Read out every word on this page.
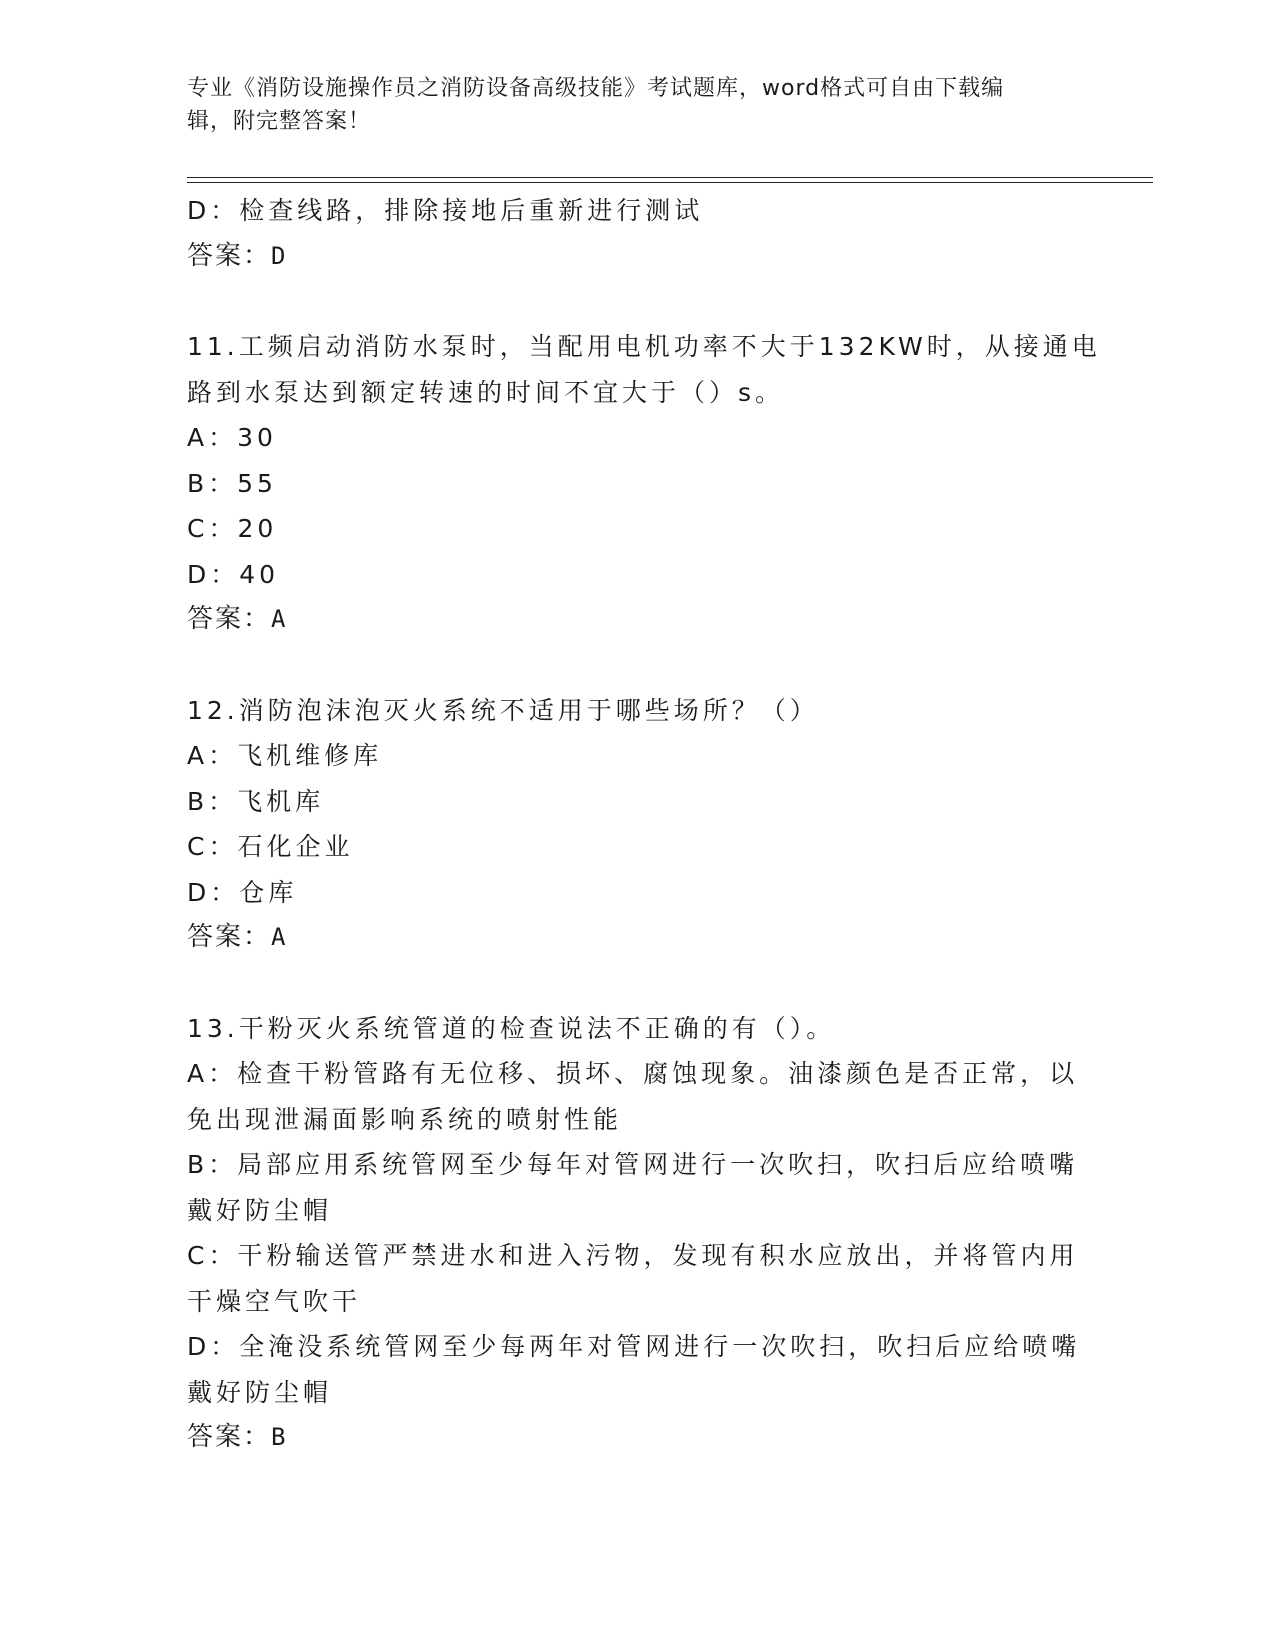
专业《消防设施操作员之消防设备高级技能》考试题库，word格式可自由下载编
辑，附完整答案！
D：检查线路，排除接地后重新进行测试
答案：D
11.工频启动消防水泵时，当配用电机功率不大于132KW时，从接通电
路到水泵达到额定转速的时间不宜大于（）s。
A：30
B：55
C：20
D：40
答案：A
12.消防泡沫泡灭火系统不适用于哪些场所？（）
A：飞机维修库
B：飞机库
C：石化企业
D：仓库
答案：A
13.干粉灭火系统管道的检查说法不正确的有（）。
A：检查干粉管路有无位移、损坏、腐蚀现象。油漆颜色是否正常，以
免出现泄漏面影响系统的喷射性能
B：局部应用系统管网至少每年对管网进行一次吹扫，吹扫后应给喷嘴
戴好防尘帽
C：干粉输送管严禁进水和进入污物，发现有积水应放出，并将管内用
干燥空气吹干
D：全淹没系统管网至少每两年对管网进行一次吹扫，吹扫后应给喷嘴
戴好防尘帽
答案：B
